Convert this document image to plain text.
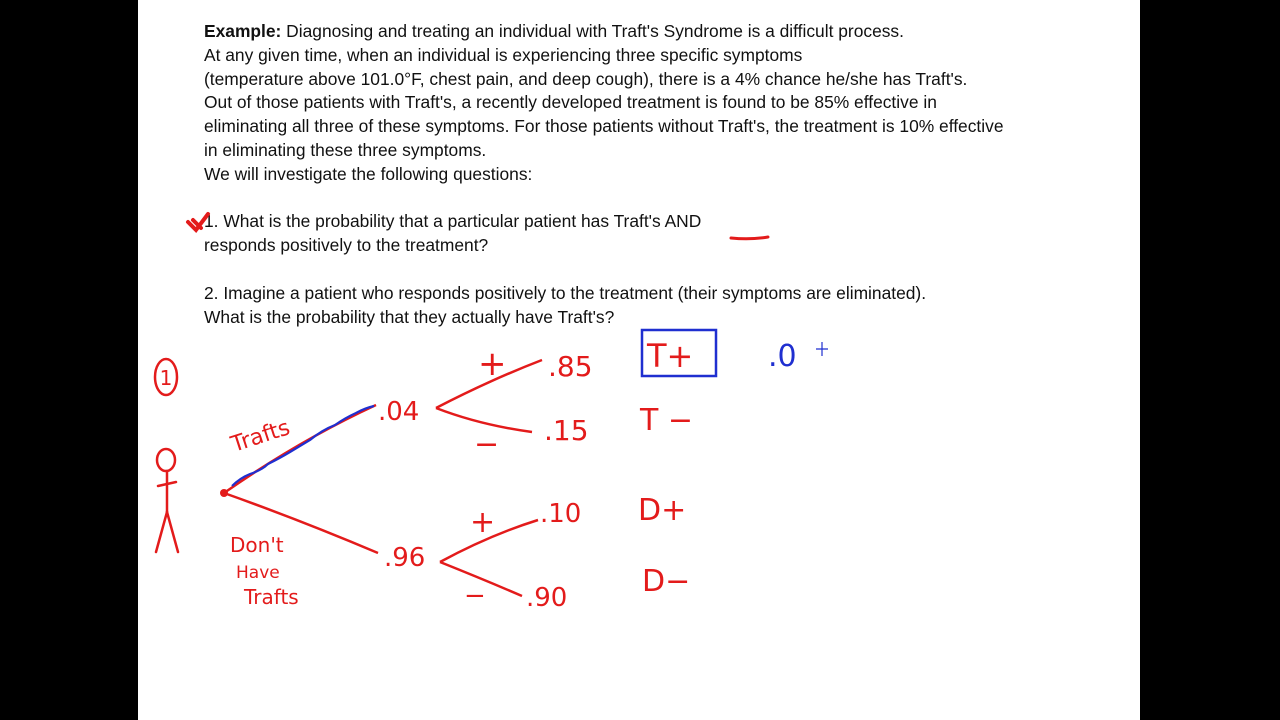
Example: Diagnosing and treating an individual with Traft's Syndrome is a difficult process.
At any given time, when an individual is experiencing three specific symptoms
(temperature above 101.0°F, chest pain, and deep cough), there is a 4% chance he/she has Traft's.
Out of those patients with Traft's, a recently developed treatment is found to be 85% effective in
eliminating all three of these symptoms. For those patients without Traft's, the treatment is 10% effective
in eliminating these three symptoms.
We will investigate the following questions:
1. What is the probability that a particular patient has Traft's AND
responds positively to the treatment?
2. Imagine a patient who responds positively to the treatment (their symptoms are eliminated).
What is the probability that they actually have Traft's?
1
Trafts
Don't
Have
Trafts
.04
.96
+
−
+
−
.85
.15
.10
.90
T+
T −
D+
D−
.0
